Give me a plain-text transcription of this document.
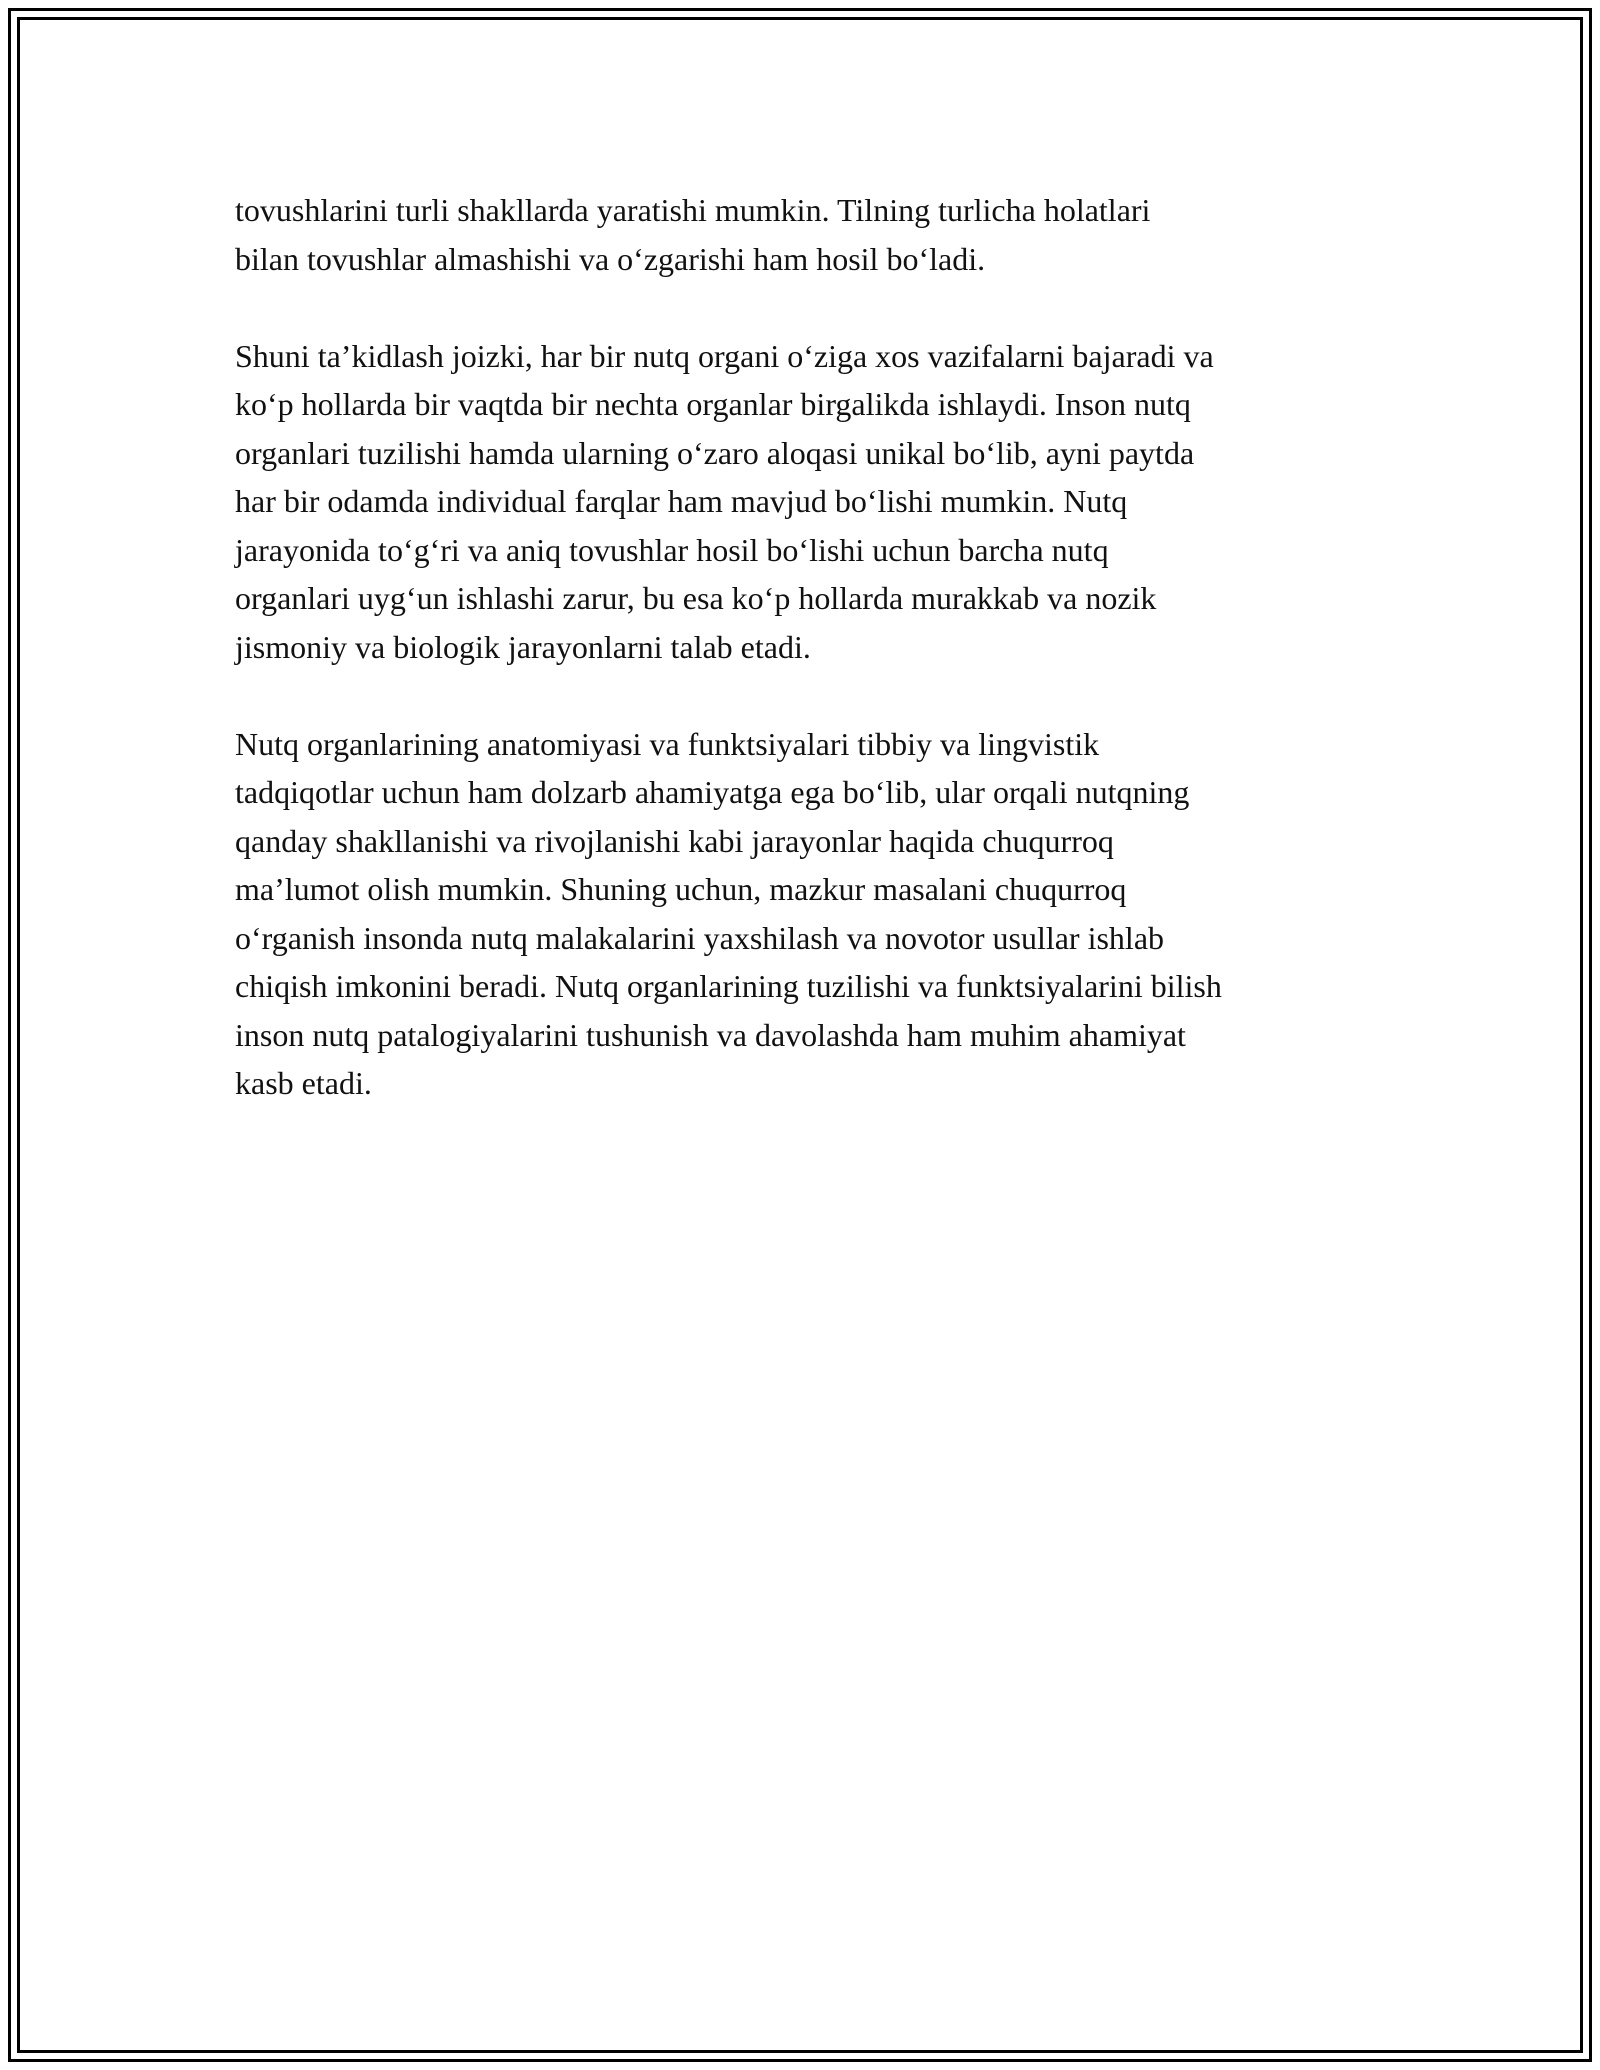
tovushlarini turli shakllarda yaratishi mumkin. Tilning turlicha holatlari
bilan tovushlar almashishi va o‘zgarishi ham hosil bo‘ladi.

Shuni ta’kidlash joizki, har bir nutq organi o‘ziga xos vazifalarni bajaradi va
ko‘p hollarda bir vaqtda bir nechta organlar birgalikda ishlaydi. Inson nutq
organlari tuzilishi hamda ularning o‘zaro aloqasi unikal bo‘lib, ayni paytda
har bir odamda individual farqlar ham mavjud bo‘lishi mumkin. Nutq
jarayonida to‘g‘ri va aniq tovushlar hosil bo‘lishi uchun barcha nutq
organlari uyg‘un ishlashi zarur, bu esa ko‘p hollarda murakkab va nozik
jismoniy va biologik jarayonlarni talab etadi.

Nutq organlarining anatomiyasi va funktsiyalari tibbiy va lingvistik
tadqiqotlar uchun ham dolzarb ahamiyatga ega bo‘lib, ular orqali nutqning
qanday shakllanishi va rivojlanishi kabi jarayonlar haqida chuqurroq
ma’lumot olish mumkin. Shuning uchun, mazkur masalani chuqurroq
o‘rganish insonda nutq malakalarini yaxshilash va novotor usullar ishlab
chiqish imkonini beradi. Nutq organlarining tuzilishi va funktsiyalarini bilish
inson nutq patalogiyalarini tushunish va davolashda ham muhim ahamiyat
kasb etadi.
